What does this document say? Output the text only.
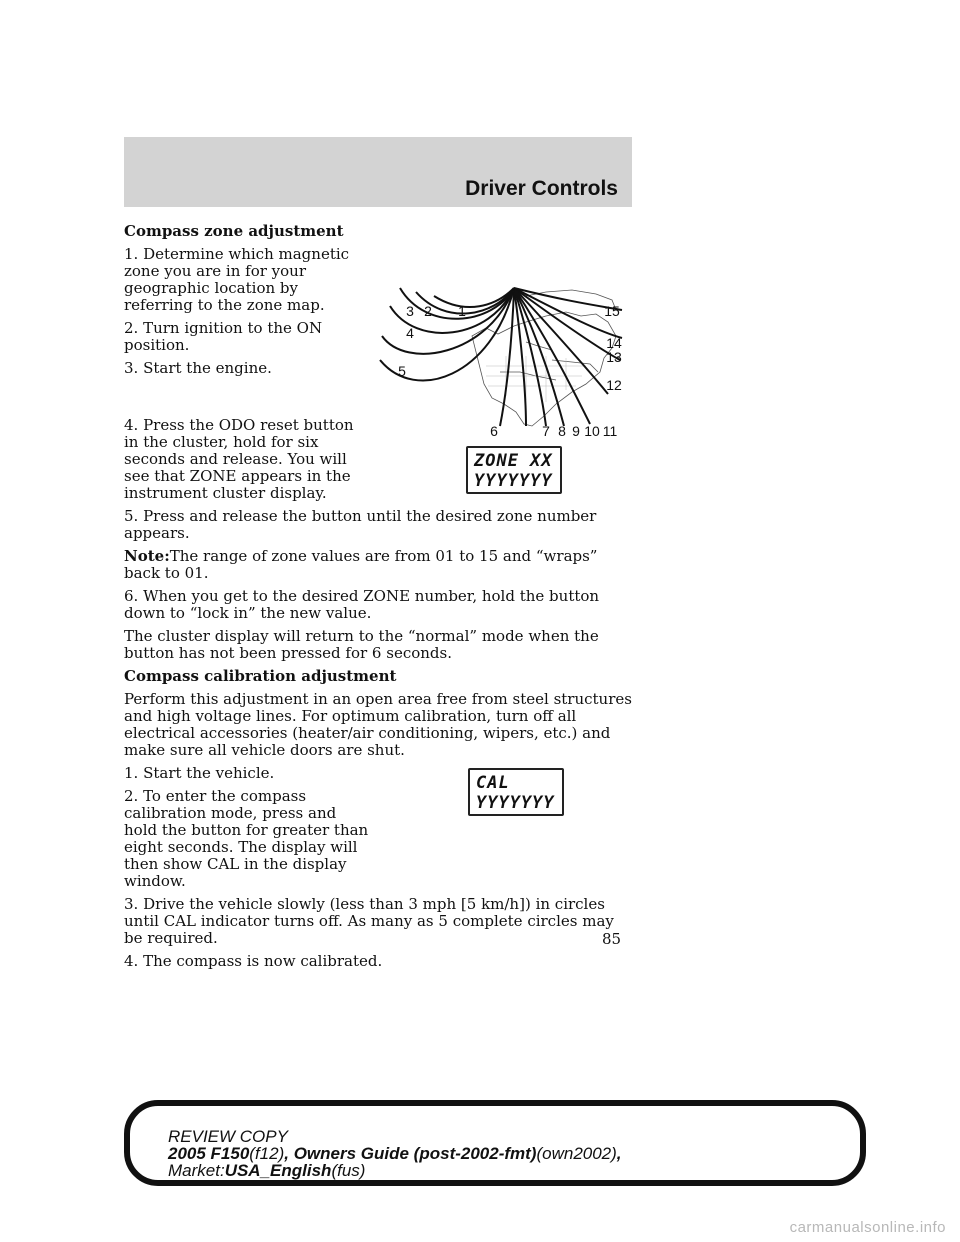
Driver Controls

Compass zone adjustment

1
2
3
4
5
6	7 8 9 10 11
12
13
14
15

1. Determine which magnetic zone you are in for your geographic location by referring to the zone map.

2. Turn ignition to the ON position.

3. Start the engine.

ZONE XX
YYYYYYY

4. Press the ODO reset button in the cluster, hold for six seconds and release. You will see that ZONE appears in the instrument cluster display.

5. Press and release the button until the desired zone number appears.

Note:The range of zone values are from 01 to 15 and “wraps” back to 01.

6. When you get to the desired ZONE number, hold the button down to “lock in” the new value.

The cluster display will return to the “normal” mode when the button has not been pressed for 6 seconds.

Compass calibration adjustment

Perform this adjustment in an open area free from steel structures and high voltage lines. For optimum calibration, turn off all electrical accessories (heater/air conditioning, wipers, etc.) and make sure all vehicle doors are shut.

1. Start the vehicle.	CAL
YYYYYYY

2. To enter the compass calibration mode, press and hold the button for greater than eight seconds. The display will then show CAL in the display window.

3. Drive the vehicle slowly (less than 3 mph [5 km/h]) in circles until CAL indicator turns off. As many as 5 complete circles may be required.

4. The compass is now calibrated.

85
REVIEW COPY
2005 F150(f12), Owners Guide (post-2002-fmt)(own2002),
Market:USA_English(fus)
carmanualsonline.info
